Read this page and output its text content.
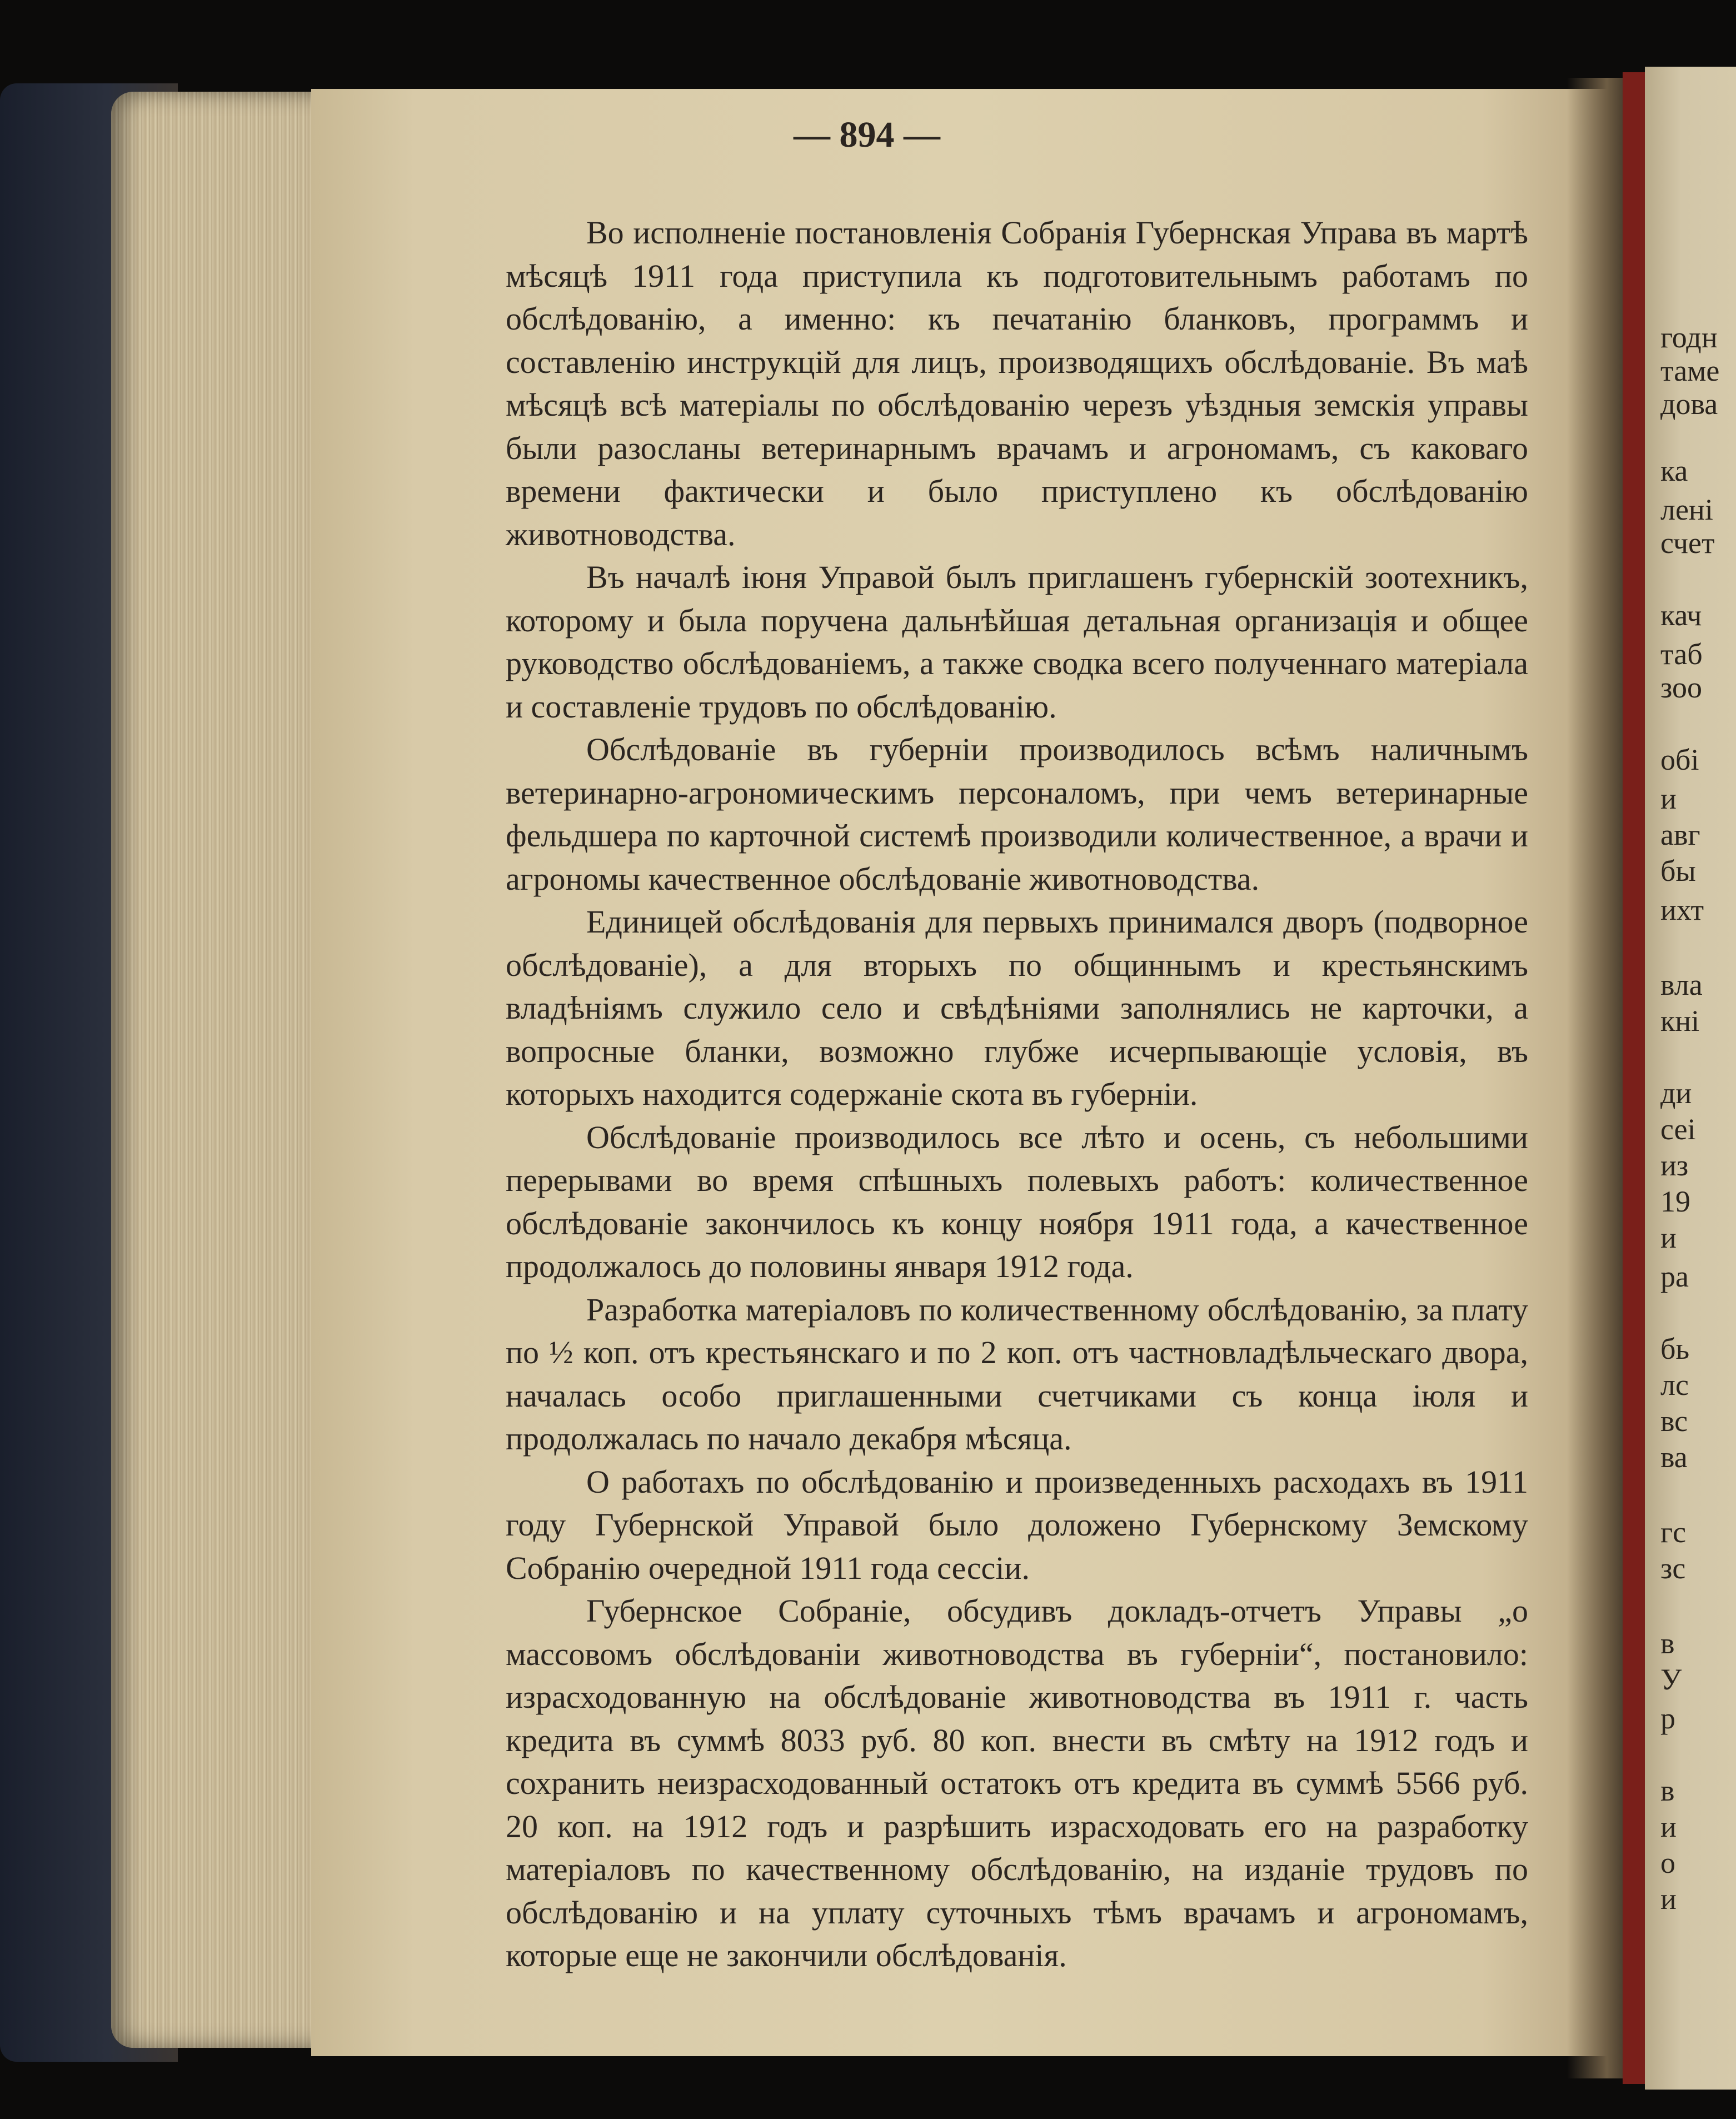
годн
таме
дова
ка
лені
счет
кач
таб
зоо
обі
и
авг
бы
ихт
вла
кні
ди
сеі
из
19
и
ра
бь
лс
вс
ва
гс
зс
в
У
р
в
и
о
и
— 894 —

Во исполненіе постановленія Собранія Губернская Управа въ мартѣ мѣсяцѣ 1911 года приступила къ подготовительнымъ работамъ по обслѣдованію, а именно: къ печатанію бланковъ, программъ и составленію инструкцій для лицъ, производящихъ обслѣдованіе. Въ маѣ мѣсяцѣ всѣ матеріалы по обслѣдованію черезъ уѣздныя земскія управы были разосланы ветеринарнымъ врачамъ и агрономамъ, съ каковаго времени фактически и было приступлено къ обслѣдованію животноводства.

Въ началѣ іюня Управой былъ приглашенъ губернскій зоотехникъ, которому и была поручена дальнѣйшая детальная организація и общее руководство обслѣдованіемъ, а также сводка всего полученнаго матеріала и составленіе трудовъ по обслѣдованію.

Обслѣдованіе въ губерніи производилось всѣмъ наличнымъ ветеринарно-агрономическимъ персоналомъ, при чемъ ветеринарные фельдшера по карточной системѣ производили количественное, а врачи и агрономы качественное обслѣдованіе животноводства.

Единицей обслѣдованія для первыхъ принимался дворъ (подворное обслѣдованіе), а для вторыхъ по общиннымъ и крестьянскимъ владѣніямъ служило село и свѣдѣніями заполнялись не карточки, а вопросные бланки, возможно глубже исчерпывающіе условія, въ которыхъ находится содержаніе скота въ губерніи.

Обслѣдованіе производилось все лѣто и осень, съ небольшими перерывами во время спѣшныхъ полевыхъ работъ: количественное обслѣдованіе закончилось къ концу ноября 1911 года, а качественное продолжалось до половины января 1912 года.

Разработка матеріаловъ по количественному обслѣдованію, за плату по ½ коп. отъ крестьянскаго и по 2 коп. отъ частновладѣльческаго двора, началась особо приглашенными счетчиками съ конца іюля и продолжалась по начало декабря мѣсяца.

О работахъ по обслѣдованію и произведенныхъ расходахъ въ 1911 году Губернской Управой было доложено Губернскому Земскому Собранію очередной 1911 года сессіи.

Губернское Собраніе, обсудивъ докладъ-отчетъ Управы „о массовомъ обслѣдованіи животноводства въ губерніи“, постановило: израсходованную на обслѣдованіе животноводства въ 1911 г. часть кредита въ суммѣ 8033 руб. 80 коп. внести въ смѣту на 1912 годъ и сохранить неизрасходованный остатокъ отъ кредита въ суммѣ 5566 руб. 20 коп. на 1912 годъ и разрѣшить израсходовать его на разработку матеріаловъ по качественному обслѣдованію, на изданіе трудовъ по обслѣдованію и на уплату суточныхъ тѣмъ врачамъ и агрономамъ, которые еще не закончили обслѣдованія.
